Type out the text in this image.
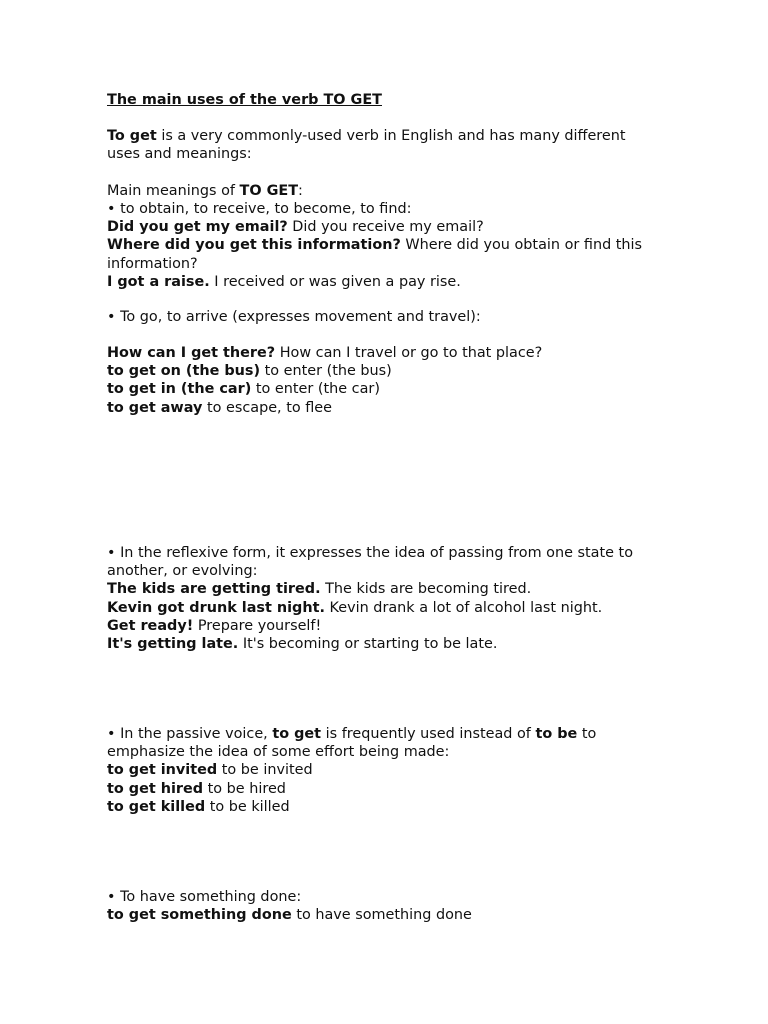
The main uses of the verb TO GET
To get is a very commonly-used verb in English and has many different uses and meanings:
Main meanings of TO GET:
• to obtain, to receive, to become, to find:
Did you get my email? Did you receive my email?
Where did you get this information? Where did you obtain or find this information?
I got a raise. I received or was given a pay rise.
• To go, to arrive (expresses movement and travel):
How can I get there? How can I travel or go to that place?
to get on (the bus) to enter (the bus)
to get in (the car) to enter (the car)
to get away to escape, to flee
• In the reflexive form, it expresses the idea of passing from one state to another, or evolving:
The kids are getting tired. The kids are becoming tired.
Kevin got drunk last night. Kevin drank a lot of alcohol last night.
Get ready! Prepare yourself!
It's getting late. It's becoming or starting to be late.
• In the passive voice, to get is frequently used instead of to be to emphasize the idea of some effort being made:
to get invited to be invited
to get hired to be hired
to get killed to be killed
• To have something done:
to get something done to have something done
